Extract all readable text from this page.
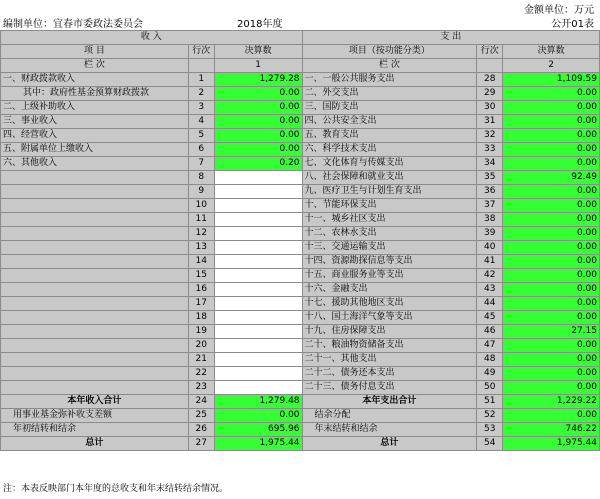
金额单位：万元
编制单位：宜春市委政法委员会	2018年度	公开01表
收 入			支 出		
项 目	行次	决算数	项目（按功能分类）	行次	决算数
栏 次		1	栏 次		2
一、财政拨款收入	1	1,279.28	一、一般公共服务支出	28	1,109.59
其中：政府性基金预算财政拨款	2	0.00	二、外交支出	29	0.00
二、上级补助收入	3	0.00	三、国防支出	30	0.00
三、事业收入	4	0.00	四、公共安全支出	31	0.00
四、经营收入	5	0.00	五、教育支出	32	0.00
五、附属单位上缴收入	6	0.00	六、科学技术支出	33	0.00
六、其他收入	7	0.20	七、文化体育与传媒支出	34	0.00
	8		八、社会保障和就业支出	35	92.49
	9		九、医疗卫生与计划生育支出	36	0.00
	10		十、节能环保支出	37	0.00
	11		十一、城乡社区支出	38	0.00
	12		十二、农林水支出	39	0.00
	13		十三、交通运输支出	40	0.00
	14		十四、资源勘探信息等支出	41	0.00
	15		十五、商业服务业等支出	42	0.00
	16		十六、金融支出	43	0.00
	17		十七、援助其他地区支出	44	0.00
	18		十八、国土海洋气象等支出	45	0.00
	19		十九、住房保障支出	46	27.15
	20		二十、粮油物资储备支出	47	0.00
	21		二十一、其他支出	48	0.00
	22		二十二、债务还本支出	49	0.00
	23		二十三、债务付息支出	50	0.00
本年收入合计	24	1,279.48	本年支出合计	51	1,229.22
用事业基金弥补收支差额	25	0.00	结余分配	52	0.00
年初结转和结余	26	695.96	年末结转和结余	53	746.22
总计	27	1,975.44	总计	54	1,975.44
注：本表反映部门本年度的总收支和年末结转结余情况。
